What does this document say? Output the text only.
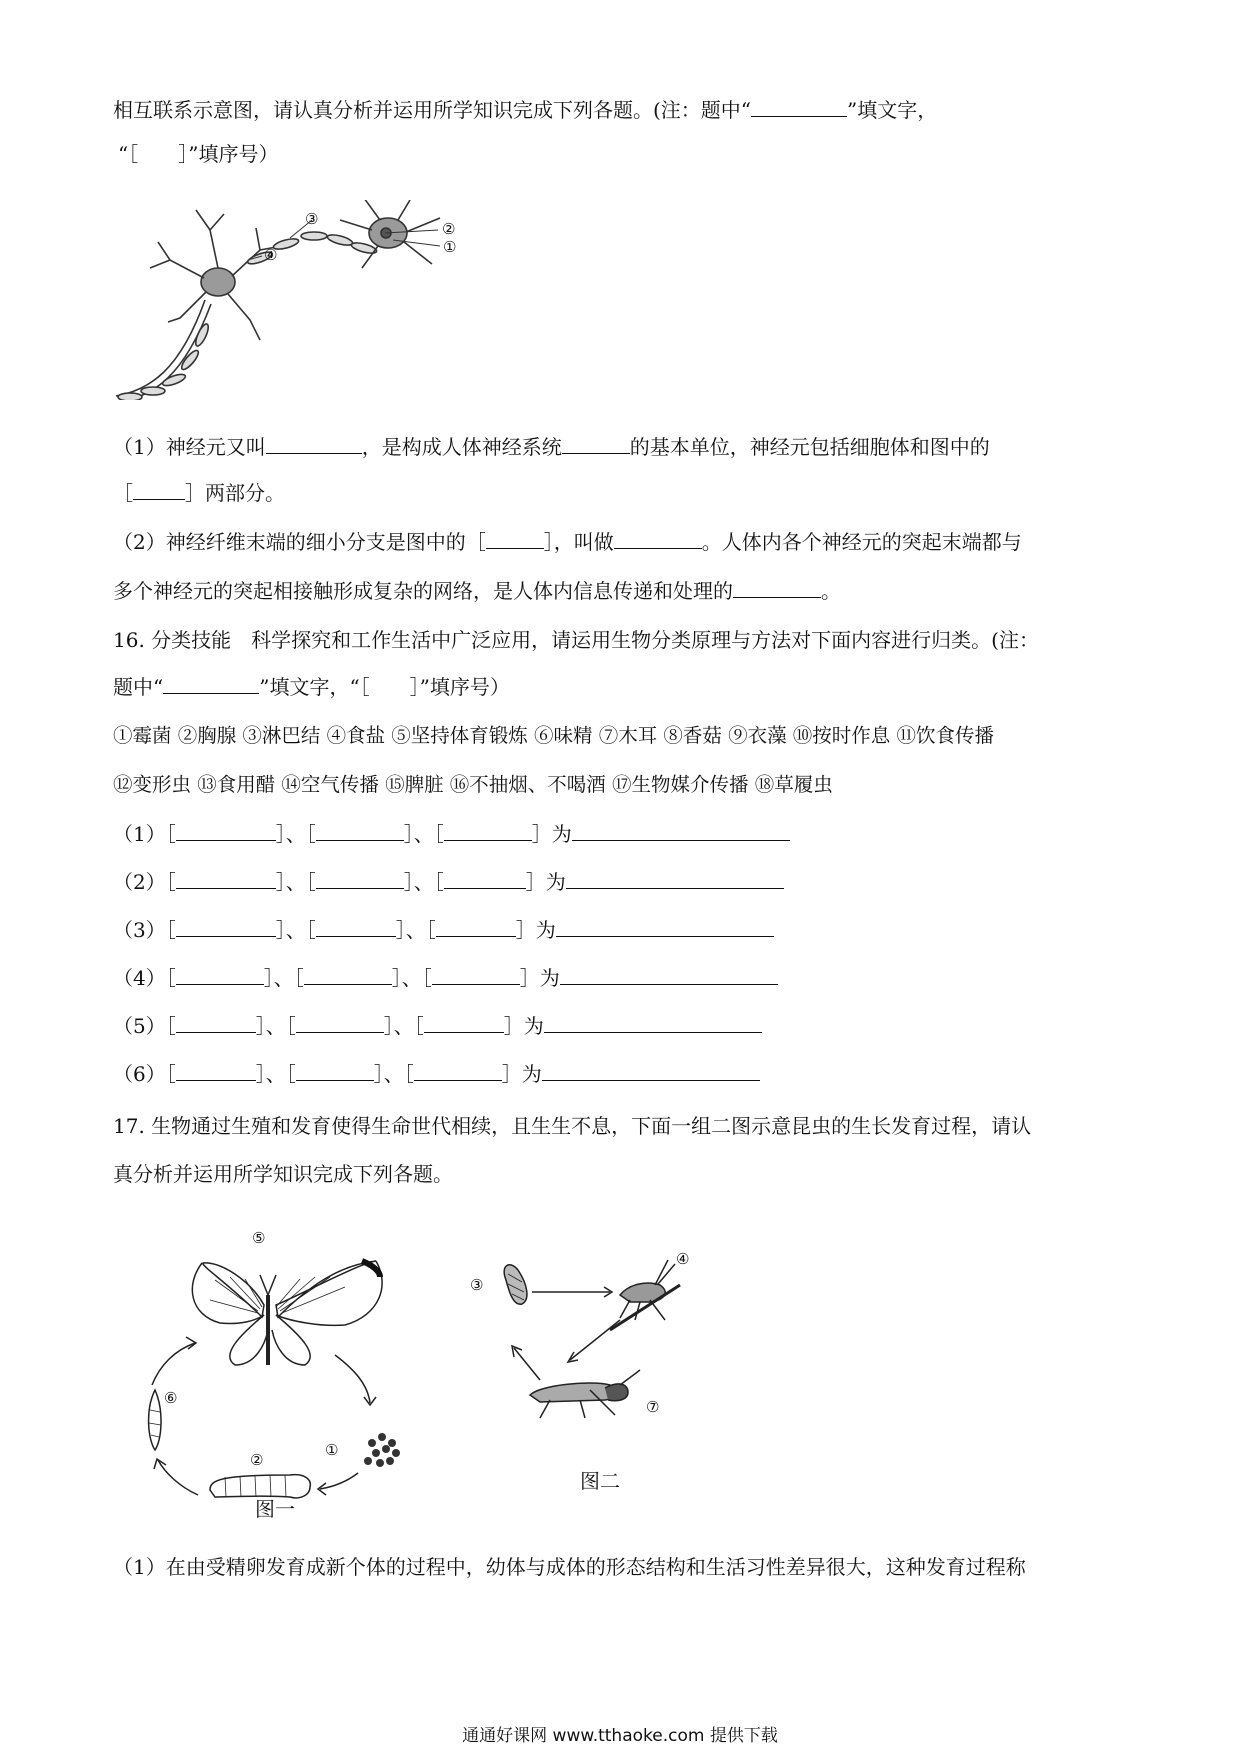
相互联系示意图，请认真分析并运用所学知识完成下列各题。(注：题中“	”填文字，
“［　　］”填序号）
③
②
①
④
（1）神经元又叫	，是构成人体神经系统	的基本单位，神经元包括细胞体和图中的
［	］两部分。
（2）神经纤维末端的细小分支是图中的［	］，叫做	。人体内各个神经元的突起末端都与
多个神经元的突起相接触形成复杂的网络，是人体内信息传递和处理的	。
16. 分类技能　科学探究和工作生活中广泛应用，请运用生物分类原理与方法对下面内容进行归类。(注：
题中“	”填文字，“［　　］”填序号）
①霉菌 ②胸腺 ③淋巴结 ④食盐 ⑤坚持体育锻炼 ⑥味精 ⑦木耳 ⑧香菇 ⑨衣藻 ⑩按时作息 ⑪饮食传播
⑫变形虫 ⑬食用醋 ⑭空气传播 ⑮脾脏 ⑯不抽烟、不喝酒 ⑰生物媒介传播 ⑱草履虫
（1）［	］、［	］、［	］为
（2）［	］、［	］、［	］为
（3）［	］、［	］、［	］为
（4）［	］、［	］、［	］为
（5）［	］、［	］、［	］为
（6）［	］、［	］、［	］为
17. 生物通过生殖和发育使得生命世代相续，且生生不息，下面一组二图示意昆虫的生长发育过程，请认
真分析并运用所学知识完成下列各题。
⑤
⑥
②
①
图一
③
④
⑦
图二
（1）在由受精卵发育成新个体的过程中，幼体与成体的形态结构和生活习性差异很大，这种发育过程称
通通好课网 www.tthaoke.com 提供下载
